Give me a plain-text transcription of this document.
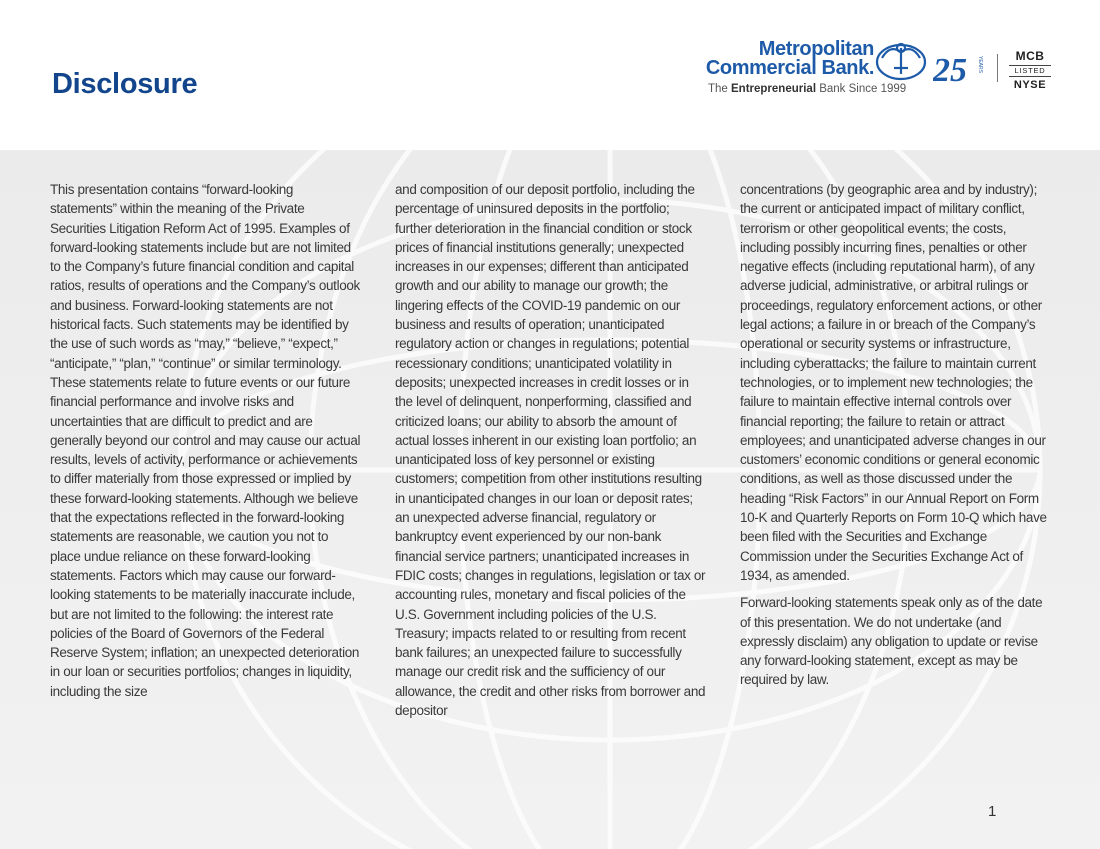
Disclosure
Metropolitan
Commercial Bank.
The Entrepreneurial Bank Since 1999 25 YEARS	MCB
LISTED
NYSE

This presentation contains “forward-looking statements” within the meaning of the Private Securities Litigation Reform Act of 1995. Examples of forward-looking statements include but are not limited to the Company’s future financial condition and capital ratios, results of operations and the Company’s outlook and business. Forward-looking statements are not historical facts. Such statements may be identified by the use of such words as “may,” “believe,” “expect,” “anticipate,” “plan,” “continue” or similar terminology. These statements relate to future events or our future financial performance and involve risks and uncertainties that are difficult to predict and are generally beyond our control and may cause our actual results, levels of activity, performance or achievements to differ materially from those expressed or implied by these forward-looking statements. Although we believe that the expectations reflected in the forward-looking statements are reasonable, we caution you not to place undue reliance on these forward-looking statements. Factors which may cause our forward-looking statements to be materially inaccurate include, but are not limited to the following: the interest rate policies of the Board of Governors of the Federal Reserve System; inflation; an unexpected deterioration in our loan or securities portfolios; changes in liquidity, including the size

and composition of our deposit portfolio, including the percentage of uninsured deposits in the portfolio; further deterioration in the financial condition or stock prices of financial institutions generally; unexpected increases in our expenses; different than anticipated growth and our ability to manage our growth; the lingering effects of the COVID-19 pandemic on our business and results of operation; unanticipated regulatory action or changes in regulations; potential recessionary conditions; unanticipated volatility in deposits; unexpected increases in credit losses or in the level of delinquent, nonperforming, classified and criticized loans; our ability to absorb the amount of actual losses inherent in our existing loan portfolio; an unanticipated loss of key personnel or existing customers; competition from other institutions resulting in unanticipated changes in our loan or deposit rates; an unexpected adverse financial, regulatory or bankruptcy event experienced by our non-bank financial service partners; unanticipated increases in FDIC costs; changes in regulations, legislation or tax or accounting rules, monetary and fiscal policies of the U.S. Government including policies of the U.S. Treasury; impacts related to or resulting from recent bank failures; an unexpected failure to successfully manage our credit risk and the sufficiency of our allowance, the credit and other risks from borrower and depositor

concentrations (by geographic area and by industry); the current or anticipated impact of military conflict, terrorism or other geopolitical events; the costs, including possibly incurring fines, penalties or other negative effects (including reputational harm), of any adverse judicial, administrative, or arbitral rulings or proceedings, regulatory enforcement actions, or other legal actions; a failure in or breach of the Company’s operational or security systems or infrastructure, including cyberattacks; the failure to maintain current technologies, or to implement new technologies; the failure to maintain effective internal controls over financial reporting; the failure to retain or attract employees; and unanticipated adverse changes in our customers’ economic conditions or general economic conditions, as well as those discussed under the heading “Risk Factors” in our Annual Report on Form 10-K and Quarterly Reports on Form 10-Q which have been filed with the Securities and Exchange Commission under the Securities Exchange Act of 1934, as amended.

Forward-looking statements speak only as of the date of this presentation. We do not undertake (and expressly disclaim) any obligation to update or revise any forward-looking statement, except as may be required by law.

1
